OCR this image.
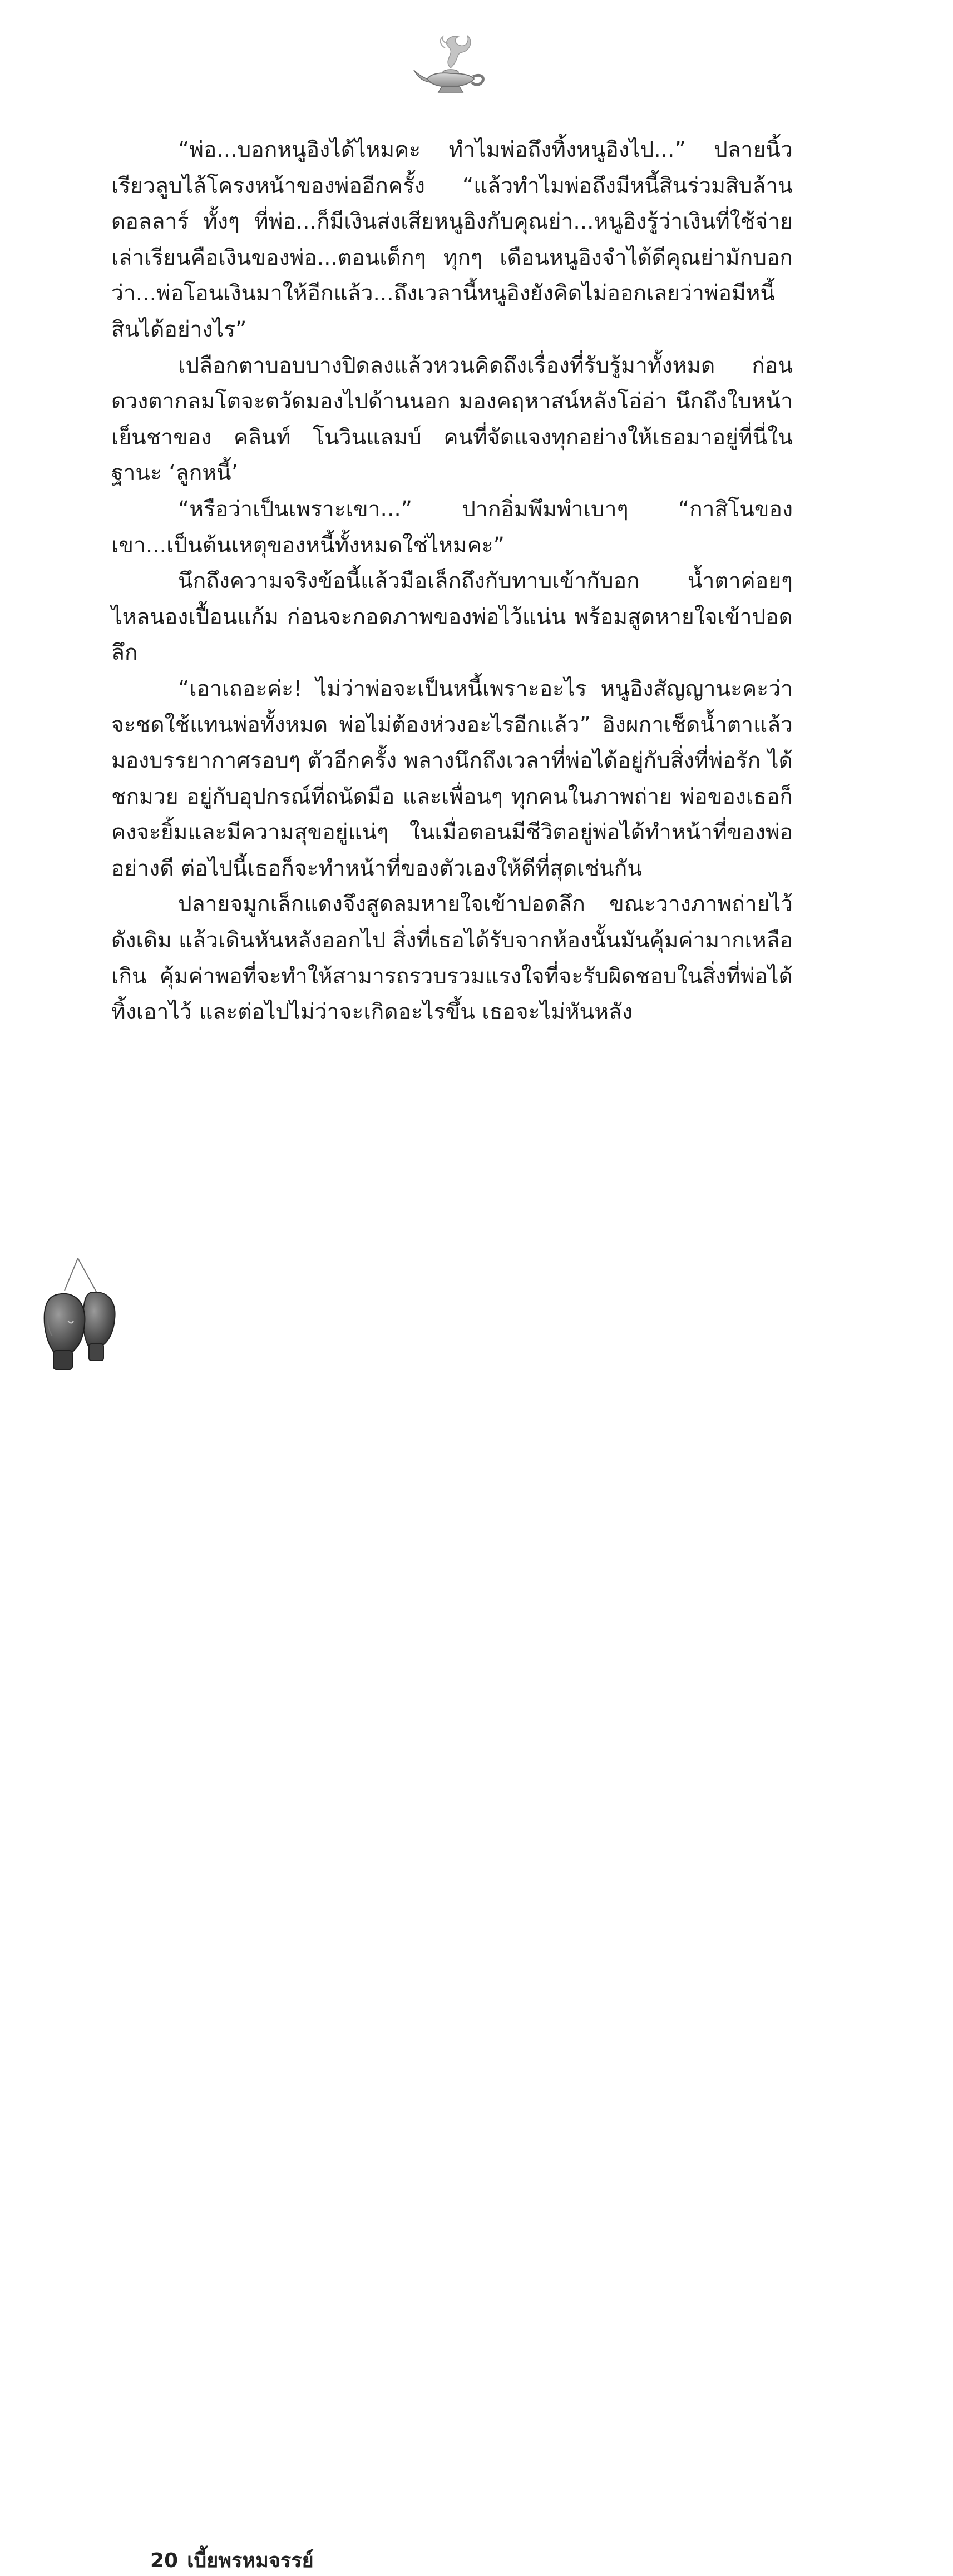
“พ่อ...บอกหนูอิงได้ไหมคะ ทำไมพ่อถึงทิ้งหนูอิงไป...” ปลายนิ้วเรียวลูบไล้โครงหน้าของพ่ออีกครั้ง “แล้วทำไมพ่อถึงมีหนี้สินร่วมสิบล้านดอลลาร์ ทั้งๆ ที่พ่อ...ก็มีเงินส่งเสียหนูอิงกับคุณย่า...หนูอิงรู้ว่าเงินที่ใช้จ่ายเล่าเรียนคือเงินของพ่อ...ตอนเด็กๆ ทุกๆ เดือนหนูอิงจำได้ดีคุณย่ามักบอกว่า...พ่อโอนเงินมาให้อีกแล้ว...ถึงเวลานี้หนูอิงยังคิดไม่ออกเลยว่าพ่อมีหนี้สินได้อย่างไร”

เปลือกตาบอบบางปิดลงแล้วหวนคิดถึงเรื่องที่รับรู้มาทั้งหมด ก่อนดวงตากลมโตจะตวัดมองไปด้านนอก มองคฤหาสน์หลังโอ่อ่า นึกถึงใบหน้าเย็นชาของ คลินท์ โนวินแลมบ์ คนที่จัดแจงทุกอย่างให้เธอมาอยู่ที่นี่ในฐานะ ‘ลูกหนี้’

“หรือว่าเป็นเพราะเขา...” ปากอิ่มพึมพำเบาๆ “กาสิโนของเขา...เป็นต้นเหตุของหนี้ทั้งหมดใช่ไหมคะ”

นึกถึงความจริงข้อนี้แล้วมือเล็กถึงกับทาบเข้ากับอก น้ำตาค่อยๆ ไหลนองเปื้อนแก้ม ก่อนจะกอดภาพของพ่อไว้แน่น พร้อมสูดหายใจเข้าปอดลึก

“เอาเถอะค่ะ! ไม่ว่าพ่อจะเป็นหนี้เพราะอะไร หนูอิงสัญญานะคะว่าจะชดใช้แทนพ่อทั้งหมด พ่อไม่ต้องห่วงอะไรอีกแล้ว” อิงผกาเช็ดน้ำตาแล้วมองบรรยากาศรอบๆ ตัวอีกครั้ง พลางนึกถึงเวลาที่พ่อได้อยู่กับสิ่งที่พ่อรัก ได้ชกมวย อยู่กับอุปกรณ์ที่ถนัดมือ และเพื่อนๆ ทุกคนในภาพถ่าย พ่อของเธอก็คงจะยิ้มและมีความสุขอยู่แน่ๆ ในเมื่อตอนมีชีวิตอยู่พ่อได้ทำหน้าที่ของพ่ออย่างดี ต่อไปนี้เธอก็จะทำหน้าที่ของตัวเองให้ดีที่สุดเช่นกัน

ปลายจมูกเล็กแดงจึงสูดลมหายใจเข้าปอดลึก ขณะวางภาพถ่ายไว้ดังเดิม แล้วเดินหันหลังออกไป สิ่งที่เธอได้รับจากห้องนั้นมันคุ้มค่ามากเหลือเกิน คุ้มค่าพอที่จะทำให้สามารถรวบรวมแรงใจที่จะรับผิดชอบในสิ่งที่พ่อได้ทิ้งเอาไว้ และต่อไปไม่ว่าจะเกิดอะไรขึ้น เธอจะไม่หันหลัง

20 เบี้ยพรหมจรรย์
